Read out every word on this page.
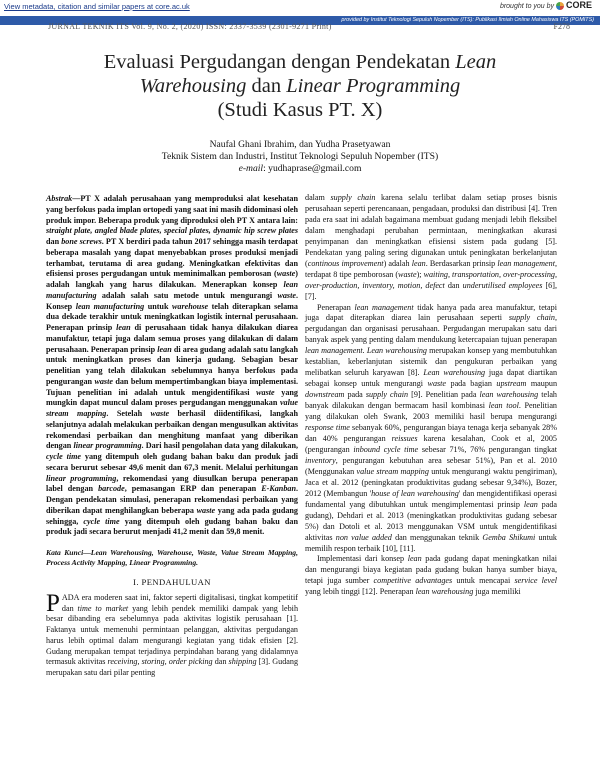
View metadata, citation and similar papers at core.ac.uk	brought to you by CORE
provided by Institut Teknologi Sepuluh Nopember (ITS): Publikasi Ilmiah Online Mahasiswa ITS (POMITS)
JURNAL TEKNIK ITS Vol. 9, No. 2, (2020) ISSN: 2337-3539 (2301-9271 Print)	F278
Evaluasi Pergudangan dengan Pendekatan Lean
Warehousing dan Linear Programming
(Studi Kasus PT. X)
Naufal Ghani Ibrahim, dan Yudha Prasetyawan
Teknik Sistem dan Industri, Institut Teknologi Sepuluh Nopember (ITS)
e-mail: yudhaprase@gmail.com

Abstrak—PT X adalah perusahaan yang memproduksi alat kesehatan yang berfokus pada implan ortopedi yang saat ini masih didominasi oleh produk impor. Beberapa produk yang diproduksi oleh PT X antara lain: straight plate, angled blade plates, special plates, dynamic hip screw plates dan bone screws. PT X berdiri pada tahun 2017 sehingga masih terdapat beberapa masalah yang dapat menyebabkan proses produksi menjadi terhambat, terutama di area gudang. Meningkatkan efektivitas dan efisiensi proses pergudangan untuk meminimalkan pemborosan (waste) adalah langkah yang harus dilakukan. Menerapkan konsep lean manufacturing adalah salah satu metode untuk mengurangi waste. Konsep lean manufacturing untuk warehouse telah diterapkan selama dua dekade terakhir untuk meningkatkan logistik internal perusahaan. Penerapan prinsip lean di perusahaan tidak hanya dilakukan diarea manufaktur, tetapi juga dalam semua proses yang dilakukan di dalam perusahaan. Penerapan prinsip lean di area gudang adalah satu langkah untuk meningkatkan proses dan kinerja gudang. Sebagian besar penelitian yang telah dilakukan sebelumnya hanya berfokus pada pengurangan waste dan belum mempertimbangkan biaya implementasi. Tujuan penelitian ini adalah untuk mengidentifikasi waste yang mungkin dapat muncul dalam proses pergudangan menggunakan value stream mapping. Setelah waste berhasil diidentifikasi, langkah selanjutnya adalah melakukan perbaikan dengan mengusulkan aktivitas rekomendasi perbaikan dan menghitung manfaat yang diberikan dengan linear programming. Dari hasil pengolahan data yang dilakukan, cycle time yang ditempuh oleh gudang bahan baku dan produk jadi secara berurut sebesar 49,6 menit dan 67,3 menit. Melalui perhitungan linear programming, rekomendasi yang diusulkan berupa penerapan label dengan barcode, pemasangan ERP dan penerapan E-Kanban. Dengan pendekatan simulasi, penerapan rekomendasi perbaikan yang diberikan dapat menghilangkan beberapa waste yang ada pada gudang sehingga, cycle time yang ditempuh oleh gudang bahan baku dan produk jadi secara berurut menjadi 41,2 menit dan 59,8 menit.

Kata Kunci—Lean Warehousing, Warehouse, Waste, Value Stream Mapping, Process Activity Mapping, Linear Programming.

I. PENDAHULUAN

PADA era moderen saat ini, faktor seperti digitalisasi, tingkat kompetitif dan time to market yang lebih pendek memiliki dampak yang lebih besar dibanding era sebelumnya pada aktivitas logistik perusahaan [1]. Faktanya untuk memenuhi permintaan pelanggan, aktivitas pergudangan harus lebih optimal dalam mengurangi kegiatan yang tidak efisien [2]. Gudang merupakan tempat terjadinya perpindahan barang yang didalamnya termasuk aktivitas receiving, storing, order picking dan shipping [3]. Gudang merupakan satu dari pilar penting

dalam supply chain karena selalu terlibat dalam setiap proses bisnis perusahaan seperti perencanaan, pengadaan, produksi dan distribusi [4]. Tren pada era saat ini adalah bagaimana membuat gudang menjadi lebih fleksibel dalam menghadapi perubahan permintaan, meningkatkan akurasi penyimpanan dan meningkatkan efisiensi sistem pada gudang [5]. Pendekatan yang paling sering digunakan untuk peningkatan berkelanjutan (continous improvement) adalah lean. Berdasarkan prinsip lean management, terdapat 8 tipe pemborosan (waste); waiting, transportation, over-processing, over-production, inventory, motion, defect dan underutilised employees [6], [7].

Penerapan lean management tidak hanya pada area manufaktur, tetapi juga dapat diterapkan diarea lain perusahaan seperti supply chain, pergudangan dan organisasi perusahaan. Pergudangan merupakan satu dari banyak aspek yang penting dalam mendukung ketercapaian tujuan penerapan lean management. Lean warehousing merupakan konsep yang membutuhkan kestablian, keberlanjutan sistemik dan pengukuran perbaikan yang melibatkan seluruh karyawan [8]. Lean warehousing juga dapat diartikan sebagai konsep untuk mengurangi waste pada bagian upstream maupun downstream pada supply chain [9]. Penelitian pada lean warehousing telah banyak dilakukan dengan bermacam hasil kombinasi lean tool. Penelitian yang dilakukan oleh Swank, 2003 memiliki hasil berupa mengurangi response time sebanyak 60%, pengurangan biaya tenaga kerja sebanyak 28% dan 40% pengurangan reissues karena kesalahan, Cook et al, 2005 (pengurangan inbound cycle time sebesar 71%, 76% pengurangan tingkat inventory, pengurangan kebutuhan area sebesar 51%), Pan et al. 2010 (Menggunakan value stream mapping untuk mengurangi waktu pengiriman), Jaca et al. 2012 (peningkatan produktivitas gudang sebesar 9,34%), Bozer, 2012 (Membangun 'house of lean warehousing' dan mengidentifikasi operasi fundamental yang dibutuhkan untuk mengimplementasi prinsip lean pada gudang), Dehdari et al. 2013 (meningkatkan produktivitas gudang sebesar 5%) dan Dotoli et al. 2013 menggunakan VSM untuk mengidentifikasi aktivitas non value added dan menggunakan teknik Gemba Shikumi untuk memilih respon terbaik [10], [11].

Implementasi dari konsep lean pada gudang dapat meningkatkan nilai dan mengurangi biaya kegiatan pada gudang bukan hanya sumber biaya, tetapi juga sumber competitive advantages untuk mencapai service level yang lebih tinggi [12]. Penerapan lean warehousing juga memiliki
